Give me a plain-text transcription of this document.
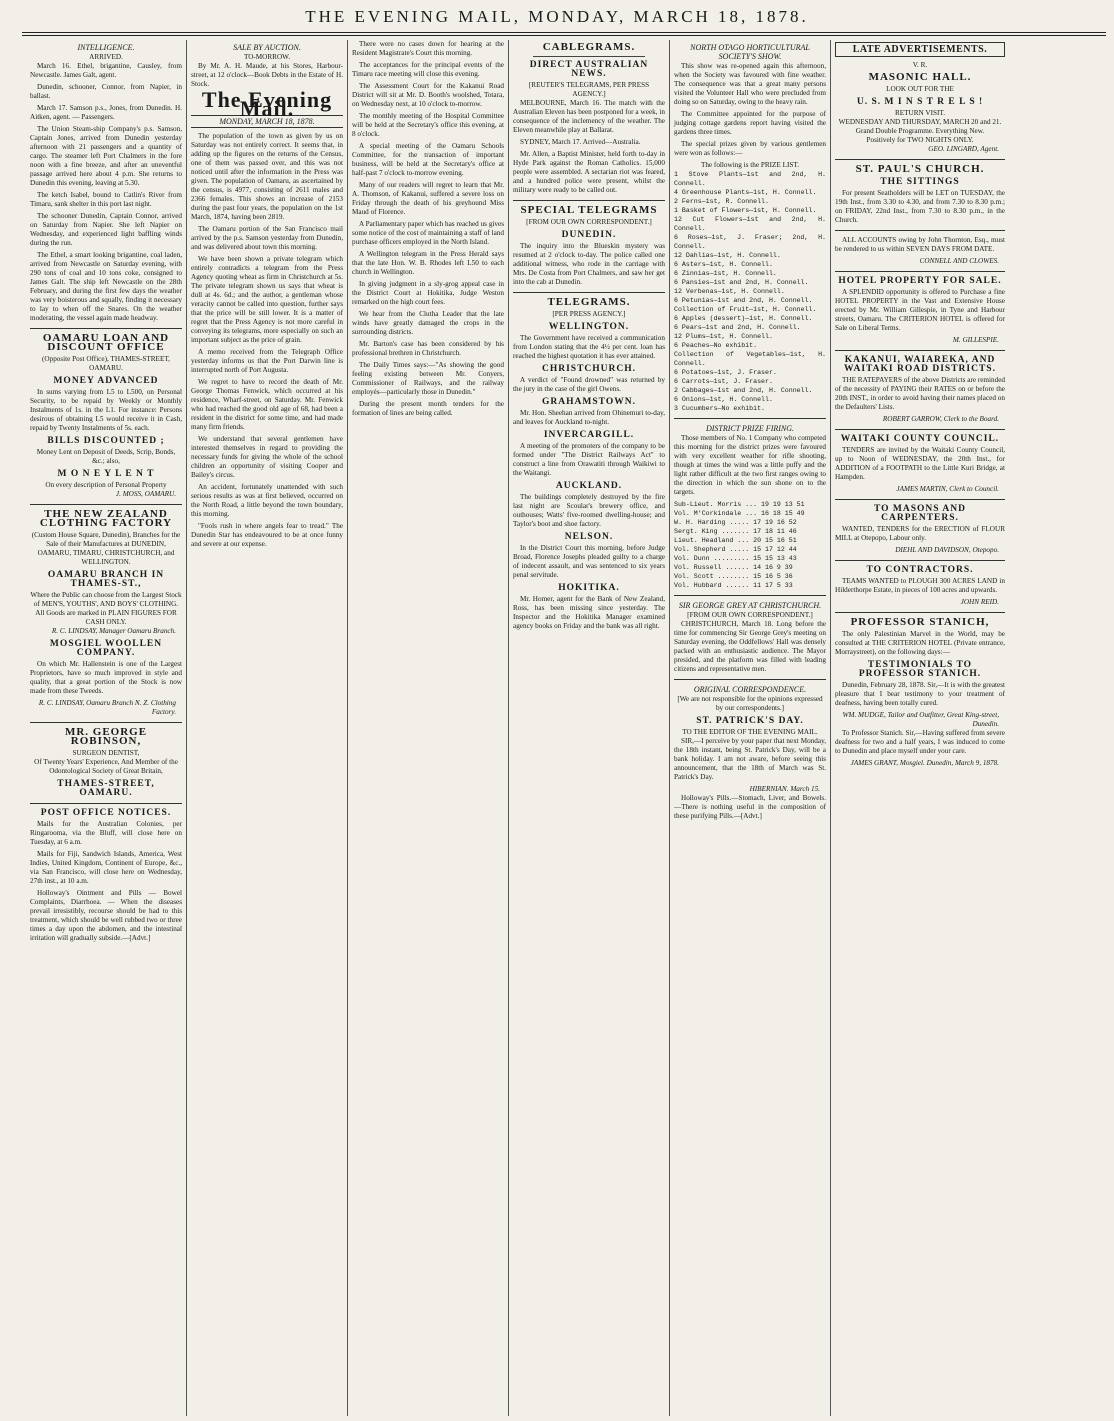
THE EVENING MAIL, MONDAY, MARCH 18, 1878.
INTELLIGENCE.
ARRIVED.

March 16. Ethel, brigantine, Causley, from Newcastle. James Galt, agent.

Dunedin, schooner, Connor, from Napier, in ballast.

March 17. Samson p.s., Jones, from Dunedin. H. Aitken, agent. — Passengers.

The Union Steam-ship Company's p.s. Samson, Captain Jones, arrived from Dunedin yesterday afternoon with 21 passengers and a quantity of cargo. The steamer left Port Chalmers in the fore noon with a fine breeze, and after an uneventful passage arrived here about 4 p.m. She returns to Dunedin this evening, leaving at 5.30.

The ketch Isabel, bound to Catlin's River from Timaru, sank shelter in this port last night.

The schooner Dunedin, Captain Connor, arrived on Saturday from Napier. She left Napier on Wednesday, and experienced light baffling winds during the run.

The Ethel, a smart looking brigantine, coal laden, arrived from Newcastle on Saturday evening, with 290 tons of coal and 10 tons coke, consigned to James Galt. The ship left Newcastle on the 28th February, and during the first few days the weather was very boisterous and squally, finding it necessary to lay to when off the Snares. On the weather moderating, the vessel again made headway.

OAMARU LOAN AND DISCOUNT OFFICE
(Opposite Post Office), THAMES-STREET, OAMARU.
MONEY ADVANCED

In sums varying from L5 to L500, on Personal Security, to be repaid by Weekly or Monthly Instalments of 1s. in the L1. For instance: Persons desirous of obtaining L5 would receive it in Cash, repaid by Twenty Instalments of 5s. each.

BILLS DISCOUNTED ;
Money Lent on Deposit of Deeds, Scrip, Bonds, &c.; also,
M O N E Y L E N T
On every description of Personal Property
J. MOSS, OAMARU.
THE NEW ZEALAND CLOTHING FACTORY
(Custom House Square, Dunedin), Branches for the Sale of their Manufactures at DUNEDIN, OAMARU, TIMARU, CHRISTCHURCH, and WELLINGTON.
OAMARU BRANCH IN THAMES-ST.,
Where the Public can choose from the Largest Stock of MEN'S, YOUTHS', AND BOYS' CLOTHING.
All Goods are marked in PLAIN FIGURES FOR CASH ONLY.
R. C. LINDSAY, Manager Oamaru Branch.
MOSGIEL WOOLLEN COMPANY.

On which Mr. Hallenstein is one of the Largest Proprietors, have so much improved in style and quality, that a great portion of the Stock is now made from these Tweeds.

R. C. LINDSAY, Oamaru Branch N. Z. Clothing Factory.
MR. GEORGE ROBINSON,
SURGEON DENTIST,
Of Twenty Years' Experience, And Member of the Odontological Society of Great Britain,
THAMES-STREET, OAMARU.
POST OFFICE NOTICES.

Mails for the Australian Colonies, per Ringarooma, via the Bluff, will close here on Tuesday, at 6 a.m.

Mails for Fiji, Sandwich Islands, America, West Indies, United Kingdom, Continent of Europe, &c., via San Francisco, will close here on Wednesday, 27th inst., at 10 a.m.

Holloway's Ointment and Pills — Bowel Complaints, Diarrhoea. — When the diseases prevail irresistibly, recourse should be had to this treatment, which should be well rubbed two or three times a day upon the abdomen, and the intestinal irritation will gradually subside.—[Advt.]

SALE BY AUCTION.
TO-MORROW.

By Mr. A. H. Maude, at his Stores, Harbour-street, at 12 o'clock—Book Debts in the Estate of H. Stock.

The Evening Mail.
MONDAY, MARCH 18, 1878.

The population of the town as given by us on Saturday was not entirely correct. It seems that, in adding up the figures on the returns of the Census, one of them was passed over, and this was not noticed until after the information in the Press was given. The population of Oamaru, as ascertained by the census, is 4977, consisting of 2611 males and 2366 females. This shows an increase of 2153 during the past four years, the population on the 1st March, 1874, having been 2819.

The Oamaru portion of the San Francisco mail arrived by the p.s. Samson yesterday from Dunedin, and was delivered about town this morning.

We have been shown a private telegram which entirely contradicts a telegram from the Press Agency quoting wheat as firm in Christchurch at 5s. The private telegram shown us says that wheat is dull at 4s. 6d.; and the author, a gentleman whose veracity cannot be called into question, further says that the price will be still lower. It is a matter of regret that the Press Agency is not more careful in conveying its telegrams, more especially on such an important subject as the price of grain.

A memo received from the Telegraph Office yesterday informs us that the Port Darwin line is interrupted north of Port Augusta.

We regret to have to record the death of Mr. George Thomas Fenwick, which occurred at his residence, Wharf-street, on Saturday. Mr. Fenwick who had reached the good old age of 68, had been a resident in the district for some time, and had made many firm friends.

We understand that several gentlemen have interested themselves in regard to providing the necessary funds for giving the whole of the school children an opportunity of visiting Cooper and Bailey's circus.

An accident, fortunately unattended with such serious results as was at first believed, occurred on the North Road, a little beyond the town boundary, this morning.

"Fools rush in where angels fear to tread." The Dunedin Star has endeavoured to be at once funny and severe at our expense.

There were no cases down for hearing at the Resident Magistrate's Court this morning.

The acceptances for the principal events of the Timaru race meeting will close this evening.

The Assessment Court for the Kakanui Road District will sit at Mr. D. Booth's woolshed, Totara, on Wednesday next, at 10 o'clock to-morrow.

The monthly meeting of the Hospital Committee will be held at the Secretary's office this evening, at 8 o'clock.

A special meeting of the Oamaru Schools Committee, for the transaction of important business, will be held at the Secretary's office at half-past 7 o'clock to-morrow evening.

Many of our readers will regret to learn that Mr. A. Thomson, of Kakanui, suffered a severe loss on Friday through the death of his greyhound Miss Maud of Florence.

A Parliamentary paper which has reached us gives some notice of the cost of maintaining a staff of land purchase officers employed in the North Island.

A Wellington telegram in the Press Herald says that the late Hon. W. B. Rhodes left L50 to each church in Wellington.

In giving judgment in a sly-grog appeal case in the District Court at Hokitika, Judge Weston remarked on the high court fees.

We hear from the Clutha Leader that the late winds have greatly damaged the crops in the surrounding districts.

Mr. Barton's case has been considered by his professional brethren in Christchurch.

The Daily Times says:—"As showing the good feeling existing between Mr. Conyers, Commissioner of Railways, and the railway employés—particularly those in Dunedin."

During the present month tenders for the formation of lines are being called.

CABLEGRAMS.
DIRECT AUSTRALIAN NEWS.
[REUTER'S TELEGRAMS, PER PRESS AGENCY.]

MELBOURNE, March 16. The match with the Australian Eleven has been postponed for a week, in consequence of the inclemency of the weather. The Eleven meanwhile play at Ballarat.

SYDNEY, March 17. Arrived—Australia.

Mr. Allen, a Baptist Minister, held forth to-day in Hyde Park against the Roman Catholics. 15,000 people were assembled. A sectarian riot was feared, and a hundred police were present, whilst the military were ready to be called out.

SPECIAL TELEGRAMS
[FROM OUR OWN CORRESPONDENT.]
DUNEDIN.

The inquiry into the Blueskin mystery was resumed at 2 o'clock to-day. The police called one additional witness, who rode in the carriage with Mrs. De Costa from Port Chalmers, and saw her get into the cab at Dunedin.

TELEGRAMS.
[PER PRESS AGENCY.]
WELLINGTON.

The Government have received a communication from London stating that the 4½ per cent. loan has reached the highest quotation it has ever attained.

CHRISTCHURCH.

A verdict of "Found drowned" was returned by the jury in the case of the girl Owens.

GRAHAMSTOWN.

Mr. Hon. Sheehan arrived from Ohinemuri to-day, and leaves for Auckland to-night.

INVERCARGILL.

A meeting of the promoters of the company to be formed under "The District Railways Act" to construct a line from Orawatiti through Waikiwi to the Waitangi.

AUCKLAND.

The buildings completely destroyed by the fire last night are Scoular's brewery office, and outhouses; Watts' five-roomed dwelling-house; and Taylor's boot and shoe factory.

NELSON.

In the District Court this morning, before Judge Broad, Florence Josephs pleaded guilty to a charge of indecent assault, and was sentenced to six years penal servitude.

HOKITIKA.

Mr. Homer, agent for the Bank of New Zealand, Ross, has been missing since yesterday. The Inspector and the Hokitika Manager examined agency books on Friday and the bank was all right.

NORTH OTAGO HORTICULTURAL SOCIETY'S SHOW.

This show was re-opened again this afternoon, when the Society was favoured with fine weather. The consequence was that a great many persons visited the Volunteer Hall who were precluded from doing so on Saturday, owing to the heavy rain.

The Committee appointed for the purpose of judging cottage gardens report having visited the gardens three times.

The special prizes given by various gentlemen were won as follows:—

The following is the PRIZE LIST.
1 Stove Plants—1st and 2nd, H. Connell.
4 Greenhouse Plants—1st, H. Connell.
2 Ferns—1st, R. Connell.
1 Basket of Flowers—1st, H. Connell.
12 Cut Flowers—1st and 2nd, H. Connell.
6 Roses—1st, J. Fraser; 2nd, H. Connell.
12 Dahlias—1st, H. Connell.
6 Asters—1st, H. Connell.
6 Zinnias—1st, H. Connell.
6 Pansies—1st and 2nd, H. Connell.
12 Verbenas—1st, H. Connell.
6 Petunias—1st and 2nd, H. Connell.
Collection of Fruit—1st, H. Connell.
6 Apples (dessert)—1st, H. Connell.
6 Pears—1st and 2nd, H. Connell.
12 Plums—1st, H. Connell.
6 Peaches—No exhibit.
Collection of Vegetables—1st, H. Connell.
6 Potatoes—1st, J. Fraser.
6 Carrots—1st, J. Fraser.
2 Cabbages—1st and 2nd, H. Connell.
6 Onions—1st, H. Connell.
3 Cucumbers—No exhibit.
DISTRICT PRIZE FIRING.

Those members of No. 1 Company who competed this morning for the district prizes were favoured with very excellent weather for rifle shooting, though at times the wind was a little puffy and the light rather difficult at the two first ranges owing to the direction in which the sun shone on to the targets.

Sub-Lieut. Morris ... 19 19 13 51
Vol. M'Corkindale ... 16 18 15 49
W. H. Harding ..... 17 19 16 52
Sergt. King ....... 17 18 11 46
Lieut. Headland ... 20 15 16 51
Vol. Shepherd ..... 15 17 12 44
Vol. Dunn ......... 15 15 13 43
Vol. Russell ...... 14 16 9 39
Vol. Scott ........ 15 16 5 36
Vol. Hubbard ...... 11 17 5 33
SIR GEORGE GREY AT CHRISTCHURCH.
[FROM OUR OWN CORRESPONDENT.]

CHRISTCHURCH, March 18. Long before the time for commencing Sir George Grey's meeting on Saturday evening, the Oddfellows' Hall was densely packed with an enthusiastic audience. The Mayor presided, and the platform was filled with leading citizens and representative men.

ORIGINAL CORRESPONDENCE.
[We are not responsible for the opinions expressed by our correspondents.]
ST. PATRICK'S DAY.
TO THE EDITOR OF THE EVENING MAIL.

SIR,—I perceive by your paper that next Monday, the 18th instant, being St. Patrick's Day, will be a bank holiday. I am not aware, before seeing this announcement, that the 18th of March was St. Patrick's Day.

HIBERNIAN. March 15.

Holloway's Pills.—Stomach, Liver, and Bowels.—There is nothing useful in the composition of these purifying Pills.—[Advt.]

LATE ADVERTISEMENTS.
V. R.
MASONIC HALL.
LOOK OUT FOR THE
U. S. M I N S T R E L S !
RETURN VISIT.
WEDNESDAY AND THURSDAY, MARCH 20 and 21.
Grand Double Programme. Everything New.
Positively for TWO NIGHTS ONLY.
GEO. LINGARD, Agent.
ST. PAUL'S CHURCH.
THE SITTINGS

For present Seatholders will be LET on TUESDAY, the 19th Inst., from 3.30 to 4.30, and from 7.30 to 8.30 p.m.; on FRIDAY, 22nd Inst., from 7.30 to 8.30 p.m., in the Church.

ALL ACCOUNTS owing by John Thornton, Esq., must be rendered to us within SEVEN DAYS FROM DATE.

CONNELL AND CLOWES.
HOTEL PROPERTY FOR SALE.

A SPLENDID opportunity is offered to Purchase a fine HOTEL PROPERTY in the Vast and Extensive House erected by Mr. William Gillespie, in Tyne and Harbour streets, Oamaru. The CRITERION HOTEL is offered for Sale on Liberal Terms.

M. GILLESPIE.
KAKANUI, WAIAREKA, AND WAITAKI ROAD DISTRICTS.

THE RATEPAYERS of the above Districts are reminded of the necessity of PAYING their RATES on or before the 20th INST., in order to avoid having their names placed on the Defaulters' Lists.

ROBERT GARROW, Clerk to the Board.
WAITAKI COUNTY COUNCIL.

TENDERS are invited by the Waitaki County Council, up to Noon of WEDNESDAY, the 20th Inst., for ADDITION of a FOOTPATH to the Little Kuri Bridge, at Hampden.

JAMES MARTIN, Clerk to Council.
TO MASONS AND CARPENTERS.

WANTED, TENDERS for the ERECTION of FLOUR MILL at Otepopo, Labour only.

DIEHL AND DAVIDSON, Otepopo.
TO CONTRACTORS.

TEAMS WANTED to PLOUGH 300 ACRES LAND in Hilderthorpe Estate, in pieces of 100 acres and upwards.

JOHN REID.
PROFESSOR STANICH,

The only Palestinian Marvel in the World, may be consulted at THE CRITERION HOTEL (Private entrance, Morraystreet), on the following days:—

TESTIMONIALS TO PROFESSOR STANICH.

Dunedin, February 28, 1878. Sir,—It is with the greatest pleasure that I bear testimony to your treatment of deafness, having been totally cured.

WM. MUDGE, Tailor and Outfitter, Great King-street, Dunedin.

To Professor Stanich. Sir,—Having suffered from severe deafness for two and a half years, I was induced to come to Dunedin and place myself under your care.

JAMES GRANT, Mosgiel. Dunedin, March 9, 1878.
